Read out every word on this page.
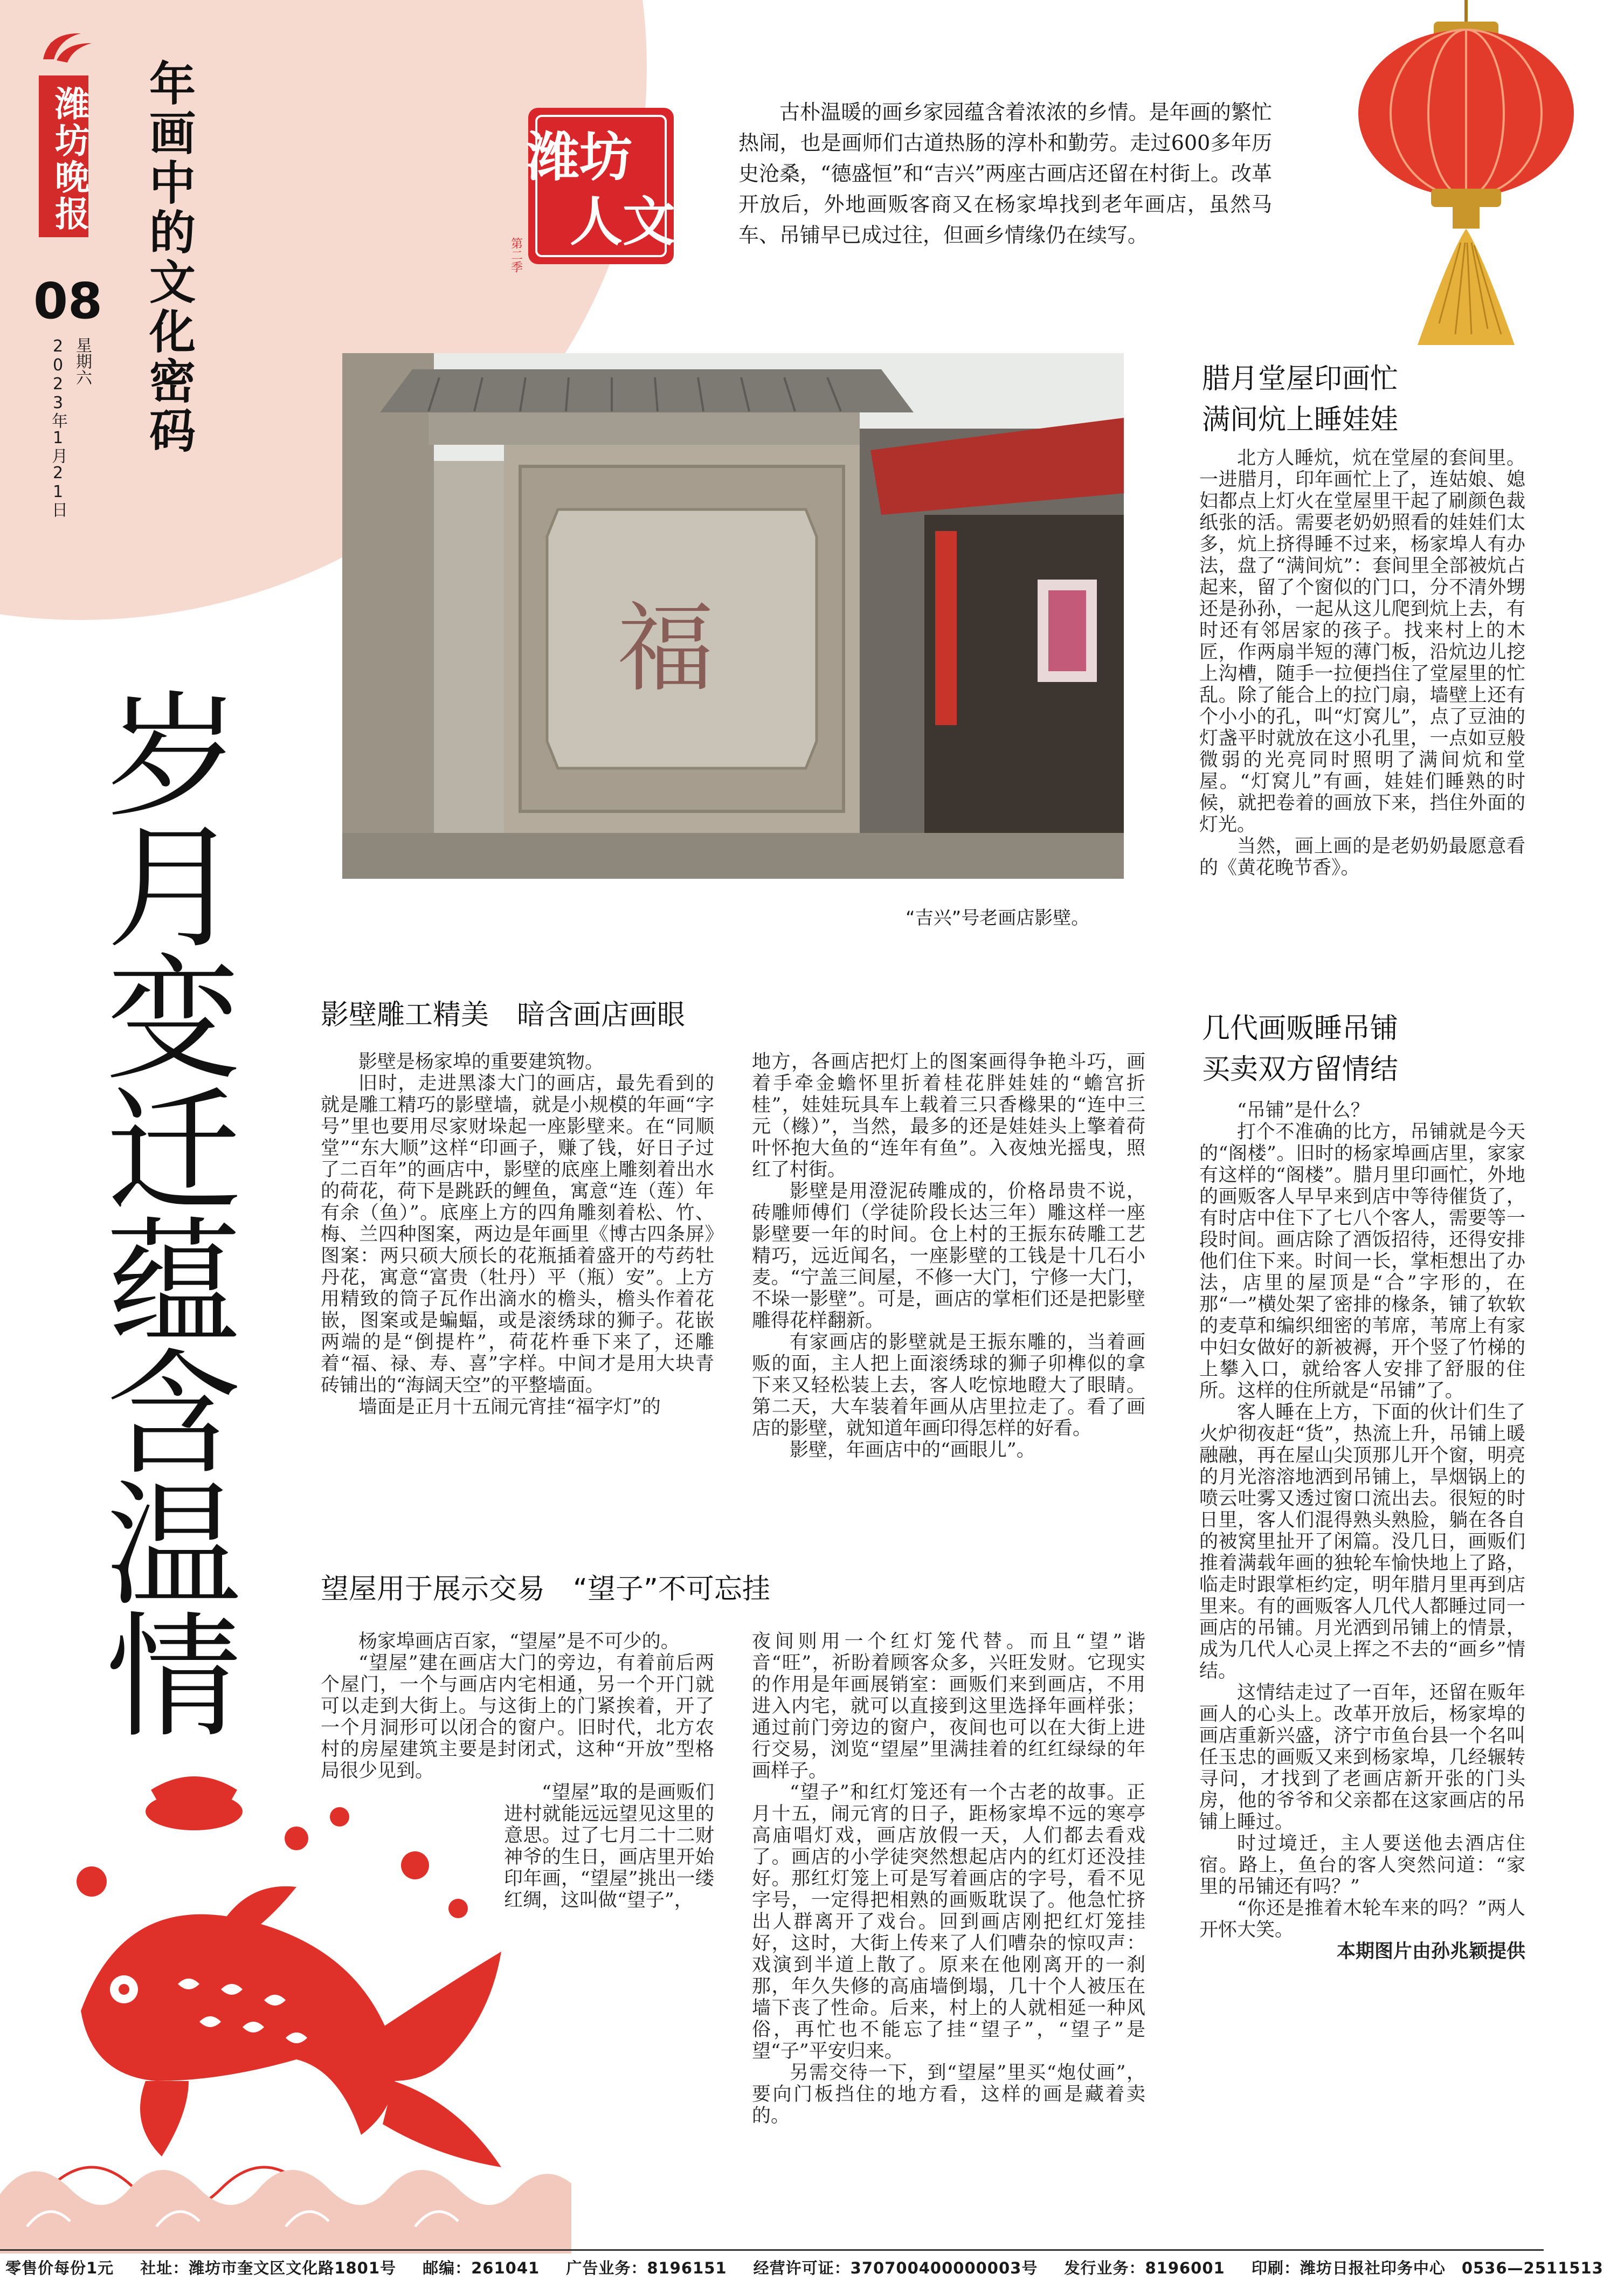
潍坊晚报
08
星期六
2023年1月21日 年画中的文化密码	潍坊
人文
第二季

古朴温暖的画乡家园蕴含着浓浓的乡情。是年画的繁忙热闹，也是画师们古道热肠的淳朴和勤劳。走过600多年历史沧桑，“德盛恒”和“吉兴”两座古画店还留在村街上。改革开放后，外地画贩客商又在杨家埠找到老年画店，虽然马车、吊铺早已成过往，但画乡情缘仍在续写。

福
“吉兴”号老画店影壁。
岁月变迁蕴含温情
腊月堂屋印画忙
满间炕上睡娃娃

北方人睡炕，炕在堂屋的套间里。一进腊月，印年画忙上了，连姑娘、媳妇都点上灯火在堂屋里干起了刷颜色裁纸张的活。需要老奶奶照看的娃娃们太多，炕上挤得睡不过来，杨家埠人有办法，盘了“满间炕”：套间里全部被炕占起来，留了个窗似的门口，分不清外甥还是孙孙，一起从这儿爬到炕上去，有时还有邻居家的孩子。找来村上的木匠，作两扇半短的薄门板，沿炕边儿挖上沟槽，随手一拉便挡住了堂屋里的忙乱。除了能合上的拉门扇，墙壁上还有个小小的孔，叫“灯窝儿”，点了豆油的灯盏平时就放在这小孔里，一点如豆般微弱的光亮同时照明了满间炕和堂屋。“灯窝儿”有画，娃娃们睡熟的时候，就把卷着的画放下来，挡住外面的灯光。

当然，画上画的是老奶奶最愿意看的《黄花晚节香》。

几代画贩睡吊铺
买卖双方留情结

“吊铺”是什么？

打个不准确的比方，吊铺就是今天的“阁楼”。旧时的杨家埠画店里，家家有这样的“阁楼”。腊月里印画忙，外地的画贩客人早早来到店中等待催货了，有时店中住下了七八个客人，需要等一段时间。画店除了酒饭招待，还得安排他们住下来。时间一长，掌柜想出了办法，店里的屋顶是“合”字形的，在那“一”横处架了密排的椽条，铺了软软的麦草和编织细密的苇席，苇席上有家中妇女做好的新被褥，开个竖了竹梯的上攀入口，就给客人安排了舒服的住所。这样的住所就是“吊铺”了。

客人睡在上方，下面的伙计们生了火炉彻夜赶“货”，热流上升，吊铺上暖融融，再在屋山尖顶那儿开个窗，明亮的月光溶溶地洒到吊铺上，旱烟锅上的喷云吐雾又透过窗口流出去。很短的时日里，客人们混得熟头熟脸，躺在各自的被窝里扯开了闲篇。没几日，画贩们推着满载年画的独轮车愉快地上了路，临走时跟掌柜约定，明年腊月里再到店里来。有的画贩客人几代人都睡过同一画店的吊铺。月光洒到吊铺上的情景，成为几代人心灵上挥之不去的“画乡”情结。

这情结走过了一百年，还留在贩年画人的心头上。改革开放后，杨家埠的画店重新兴盛，济宁市鱼台县一个名叫任玉忠的画贩又来到杨家埠，几经辗转寻问，才找到了老画店新开张的门头房，他的爷爷和父亲都在这家画店的吊铺上睡过。

时过境迁，主人要送他去酒店住宿。路上，鱼台的客人突然问道：“家里的吊铺还有吗？”

“你还是推着木轮车来的吗？”两人开怀大笑。

本期图片由孙兆颖提供

影壁雕工精美　暗含画店画眼

影壁是杨家埠的重要建筑物。

旧时，走进黑漆大门的画店，最先看到的就是雕工精巧的影壁墙，就是小规模的年画“字号”里也要用尽家财垛起一座影壁来。在“同顺堂”“东大顺”这样“印画子，赚了钱，好日子过了二百年”的画店中，影壁的底座上雕刻着出水的荷花，荷下是跳跃的鲤鱼，寓意“连（莲）年有余（鱼）”。底座上方的四角雕刻着松、竹、梅、兰四种图案，两边是年画里《博古四条屏》图案：两只硕大颀长的花瓶插着盛开的芍药牡丹花，寓意“富贵（牡丹）平（瓶）安”。上方用精致的筒子瓦作出滴水的檐头，檐头作着花嵌，图案或是蝙蝠，或是滚绣球的狮子。花嵌两端的是“倒提杵”，荷花杵垂下来了，还雕着“福、禄、寿、喜”字样。中间才是用大块青砖铺出的“海阔天空”的平整墙面。

墙面是正月十五闹元宵挂“福字灯”的

地方，各画店把灯上的图案画得争艳斗巧，画着手牵金蟾怀里折着桂花胖娃娃的“蟾宫折桂”，娃娃玩具车上载着三只香橼果的“连中三元（橼）”，当然，最多的还是娃娃头上擎着荷叶怀抱大鱼的“连年有鱼”。入夜烛光摇曳，照红了村街。

影壁是用澄泥砖雕成的，价格昂贵不说，砖雕师傅们（学徒阶段长达三年）雕这样一座影壁要一年的时间。仓上村的王振东砖雕工艺精巧，远近闻名，一座影壁的工钱是十几石小麦。“宁盖三间屋，不修一大门，宁修一大门，不垛一影壁”。可是，画店的掌柜们还是把影壁雕得花样翻新。

有家画店的影壁就是王振东雕的，当着画贩的面，主人把上面滚绣球的狮子卯榫似的拿下来又轻松装上去，客人吃惊地瞪大了眼睛。第二天，大车装着年画从店里拉走了。看了画店的影壁，就知道年画印得怎样的好看。

影壁，年画店中的“画眼儿”。

望屋用于展示交易　“望子”不可忘挂

杨家埠画店百家，“望屋”是不可少的。

“望屋”建在画店大门的旁边，有着前后两个屋门，一个与画店内宅相通，另一个开门就可以走到大街上。与这街上的门紧挨着，开了一个月洞形可以闭合的窗户。旧时代，北方农村的房屋建筑主要是封闭式，这种“开放”型格局很少见到。

“望屋”取的是画贩们进村就能远远望见这里的意思。过了七月二十二财神爷的生日，画店里开始印年画，“望屋”挑出一缕红绸，这叫做“望子”，

夜间则用一个红灯笼代替。而且“望”谐音“旺”，祈盼着顾客众多，兴旺发财。它现实的作用是年画展销室：画贩们来到画店，不用进入内宅，就可以直接到这里选择年画样张；通过前门旁边的窗户，夜间也可以在大街上进行交易，浏览“望屋”里满挂着的红红绿绿的年画样子。

“望子”和红灯笼还有一个古老的故事。正月十五，闹元宵的日子，距杨家埠不远的寒亭高庙唱灯戏，画店放假一天，人们都去看戏了。画店的小学徒突然想起店内的红灯还没挂好。那红灯笼上可是写着画店的字号，看不见字号，一定得把相熟的画贩耽误了。他急忙挤出人群离开了戏台。回到画店刚把红灯笼挂好，这时，大街上传来了人们嘈杂的惊叹声：戏演到半道上散了。原来在他刚离开的一刹那，年久失修的高庙墙倒塌，几十个人被压在墙下丧了性命。后来，村上的人就相延一种风俗，再忙也不能忘了挂“望子”，“望子”是望“子”平安归来。

另需交待一下，到“望屋”里买“炮仗画”，要向门板挡住的地方看，这样的画是藏着卖的。

零售价每份1元 社址：潍坊市奎文区文化路1801号 邮编：261041 广告业务：8196151 经营许可证：370700400000003号 发行业务：8196001 印刷：潍坊日报社印务中心　0536—2511513
